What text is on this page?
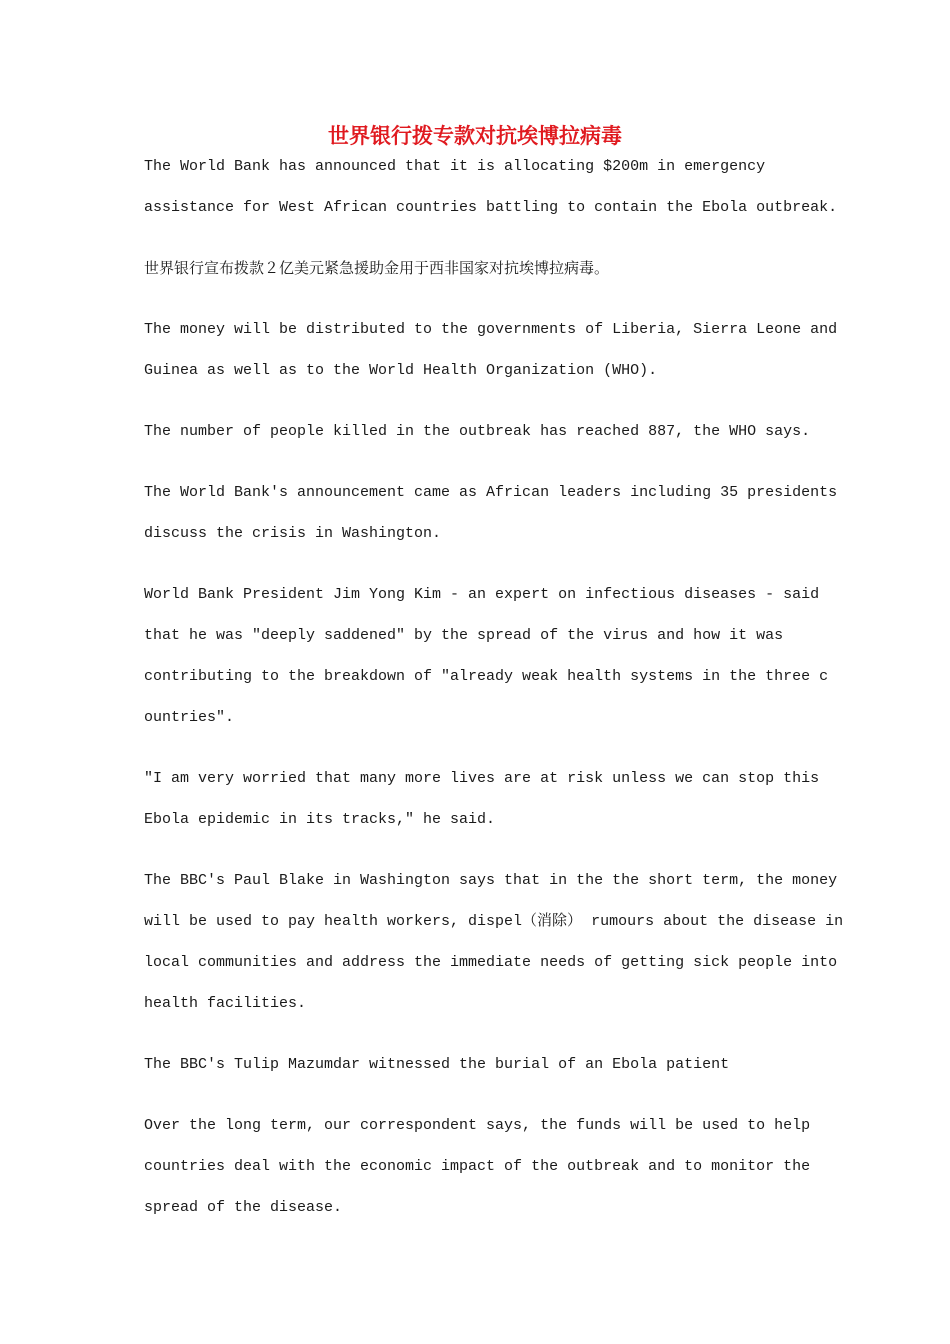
世界银行拨专款对抗埃博拉病毒
The World Bank has announced that it is allocating $200m in emergency
assistance for West African countries battling to contain the Ebola outbreak.
世界银行宣布拨款２亿美元紧急援助金用于西非国家对抗埃博拉病毒。
The money will be distributed to the governments of Liberia, Sierra Leone and
Guinea as well as to the World Health Organization (WHO).
The number of people killed in the outbreak has reached 887, the WHO says.
The World Bank's announcement came as African leaders including 35 presidents
discuss the crisis in Washington.
World Bank President Jim Yong Kim - an expert on infectious diseases - said
that he was "deeply saddened" by the spread of the virus and how it was
contributing to the breakdown of "already weak health systems in the three c
ountries".
"I am very worried that many more lives are at risk unless we can stop this
Ebola epidemic in its tracks," he said.
The BBC's Paul Blake in Washington says that in the the short term, the money
will be used to pay health workers, dispel（消除） rumours about the disease in
local communities and address the immediate needs of getting sick people into
health facilities.
The BBC's Tulip Mazumdar witnessed the burial of an Ebola patient
Over the long term, our correspondent says, the funds will be used to help
countries deal with the economic impact of the outbreak and to monitor the
spread of the disease.
